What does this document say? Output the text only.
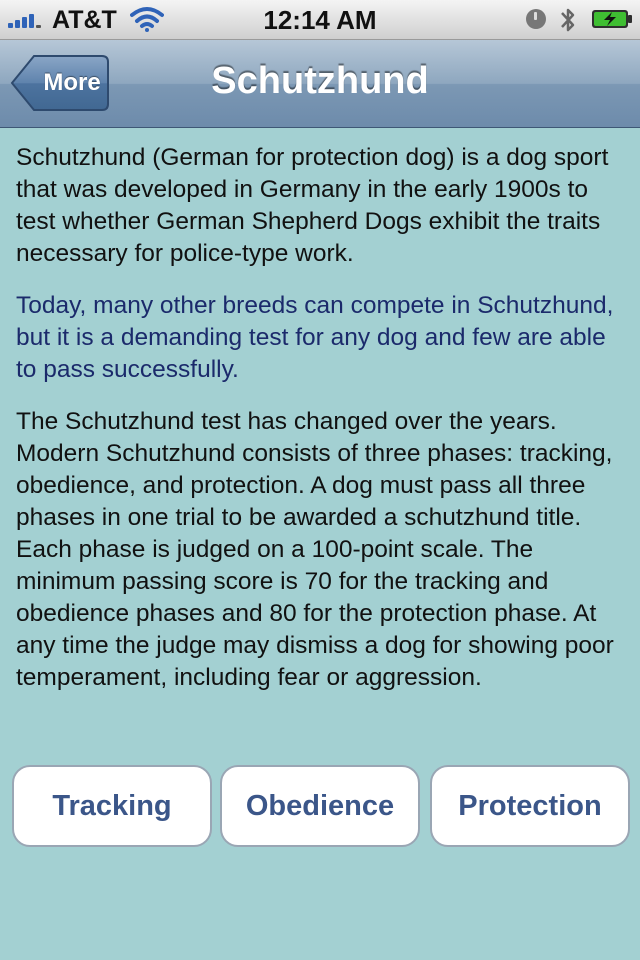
AT&T	12:14 AM
More	Schutzhund

Schutzhund (German for protection dog) is a dog sport that was developed in Germany in the early 1900s to test whether German Shepherd Dogs exhibit the traits necessary for police-type work.

Today, many other breeds can compete in Schutzhund, but it is a demanding test for any dog and few are able to pass successfully.

The Schutzhund test has changed over the years. Modern Schutzhund consists of three phases: tracking, obedience, and protection. A dog must pass all three phases in one trial to be awarded a schutzhund title. Each phase is judged on a 100-point scale. The minimum passing score is 70 for the tracking and obedience phases and 80 for the protection phase. At any time the judge may dismiss a dog for showing poor temperament, including fear or aggression.

Tracking	Obedience	Protection
